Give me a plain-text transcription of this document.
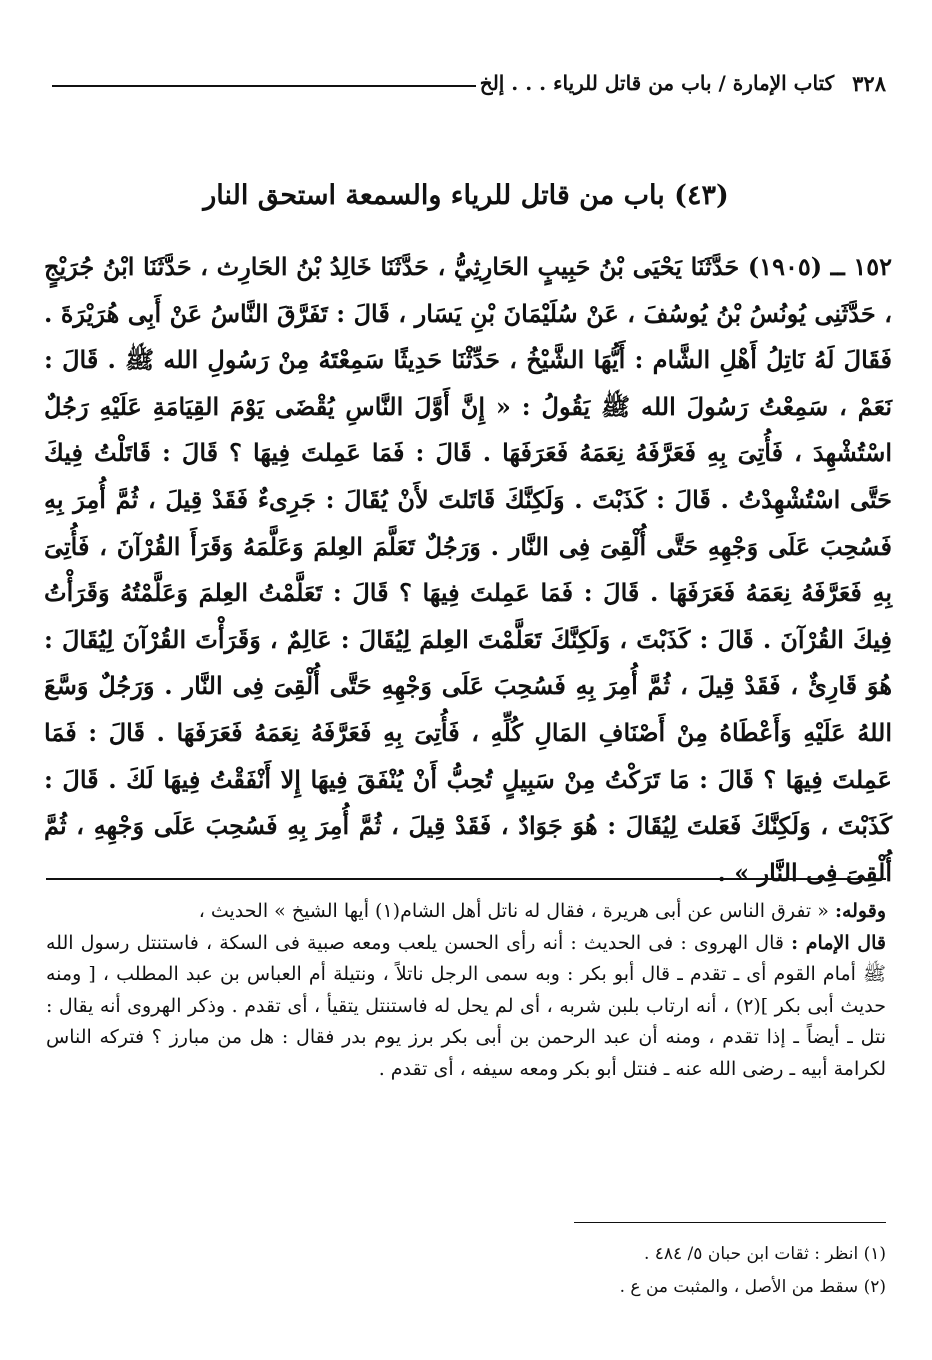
٣٢٨
كتاب الإمارة / باب من قاتل للرياء . . . إلخ
(٤٣) باب من قاتل للرياء والسمعة استحق النار
١٥٢ ــ (١٩٠٥) حَدَّثَنَا يَحْيَى بْنُ حَبِيبٍ الحَارِثِيُّ ، حَدَّثَنَا خَالِدُ بْنُ الحَارِث ، حَدَّثَنَا ابْنُ جُرَيْجٍ ، حَدَّثَنِى يُونُسُ بْنُ يُوسُفَ ، عَنْ سُلَيْمَانَ بْنِ يَسَار ، قَالَ : تَفَرَّقَ النَّاسُ عَنْ أَبِى هُرَيْرَةَ . فَقَالَ لَهُ نَاتِلُ أَهْلِ الشَّام : أَيُّهَا الشَّيْخُ ، حَدِّثْنَا حَدِيثًا سَمِعْتَهُ مِنْ رَسُولِ الله ﷺ . قَالَ : نَعَمْ ، سَمِعْتُ رَسُولَ الله ﷺ يَقُولُ : « إِنَّ أَوَّلَ النَّاسِ يُقْضَى يَوْمَ القِيَامَةِ عَلَيْهِ رَجُلٌ اسْتُشْهِدَ ، فَأُتِىَ بِهِ فَعَرَّفَهُ نِعَمَهُ فَعَرَفَهَا . قَالَ : فَمَا عَمِلتَ فِيهَا ؟ قَالَ : قَاتَلْتُ فِيكَ حَتَّى اسْتُشْهِدْتُ . قَالَ : كَذَبْتَ . وَلَكِنَّكَ قَاتَلتَ لأَنْ يُقَالَ : جَرِىءٌ فَقَدْ قِيلَ ، ثُمَّ أُمِرَ بِهِ فَسُحِبَ عَلَى وَجْهِهِ حَتَّى أُلْقِىَ فِى النَّار . وَرَجُلٌ تَعَلَّمَ العِلمَ وَعَلَّمَهُ وَقَرَأَ القُرْآنَ ، فَأُتِىَ بِهِ فَعَرَّفَهُ نِعَمَهُ فَعَرَفَهَا . قَالَ : فَمَا عَمِلتَ فِيهَا ؟ قَالَ : تَعَلَّمْتُ العِلمَ وَعَلَّمْتُهُ وَقَرَأْتُ فِيكَ القُرْآنَ . قَالَ : كَذَبْتَ ، وَلَكِنَّكَ تَعَلَّمْتَ العِلمَ لِيُقَالَ : عَالِمٌ ، وَقَرَأْتَ القُرْآنَ لِيُقَالَ : هُوَ قَارِئٌ ، فَقَدْ قِيلَ ، ثُمَّ أُمِرَ بِهِ فَسُحِبَ عَلَى وَجْهِهِ حَتَّى أُلْقِىَ فِى النَّار . وَرَجُلٌ وَسَّعَ اللهُ عَلَيْهِ وَأَعْطَاهُ مِنْ أَصْنَافِ المَالِ كُلِّهِ ، فَأُتِىَ بِهِ فَعَرَّفَهُ نِعَمَهُ فَعَرَفَهَا . قَالَ : فَمَا عَمِلتَ فِيهَا ؟ قَالَ : مَا تَرَكْتُ مِنْ سَبِيلٍ تُحِبُّ أَنْ يُنْفَقَ فِيهَا إِلا أَنْفَقْتُ فِيهَا لَكَ . قَالَ : كَذَبْتَ ، وَلَكِنَّكَ فَعَلتَ لِيُقَالَ : هُوَ جَوَادٌ ، فَقَدْ قِيلَ ، ثُمَّ أُمِرَ بِهِ فَسُحِبَ عَلَى وَجْهِهِ ، ثُمَّ أُلْقِىَ فِى النَّار » .
وقوله: « تفرق الناس عن أبى هريرة ، فقال له ناتل أهل الشام(١) أيها الشيخ » الحديث ،
قال الإمام : قال الهروى : فى الحديث : أنه رأى الحسن يلعب ومعه صبية فى السكة ، فاستنتل رسول الله ﷺ أمام القوم أى ـ تقدم ـ قال أبو بكر : وبه سمى الرجل ناتلاً ، ونتيلة أم العباس بن عبد المطلب ، [ ومنه حديث أبى بكر ](٢) ، أنه ارتاب بلبن شربه ، أى لم يحل له فاستنتل يتقيأ ، أى تقدم . وذكر الهروى أنه يقال : نتل ـ أيضاً ـ إذا تقدم ، ومنه أن عبد الرحمن بن أبى بكر برز يوم بدر فقال : هل من مبارز ؟ فتركه الناس لكرامة أبيه ـ رضى الله عنه ـ فنتل أبو بكر ومعه سيفه ، أى تقدم .
(١) انظر : ثقات ابن حبان ٥/ ٤٨٤ .
(٢) سقط من الأصل ، والمثبت من ع .
